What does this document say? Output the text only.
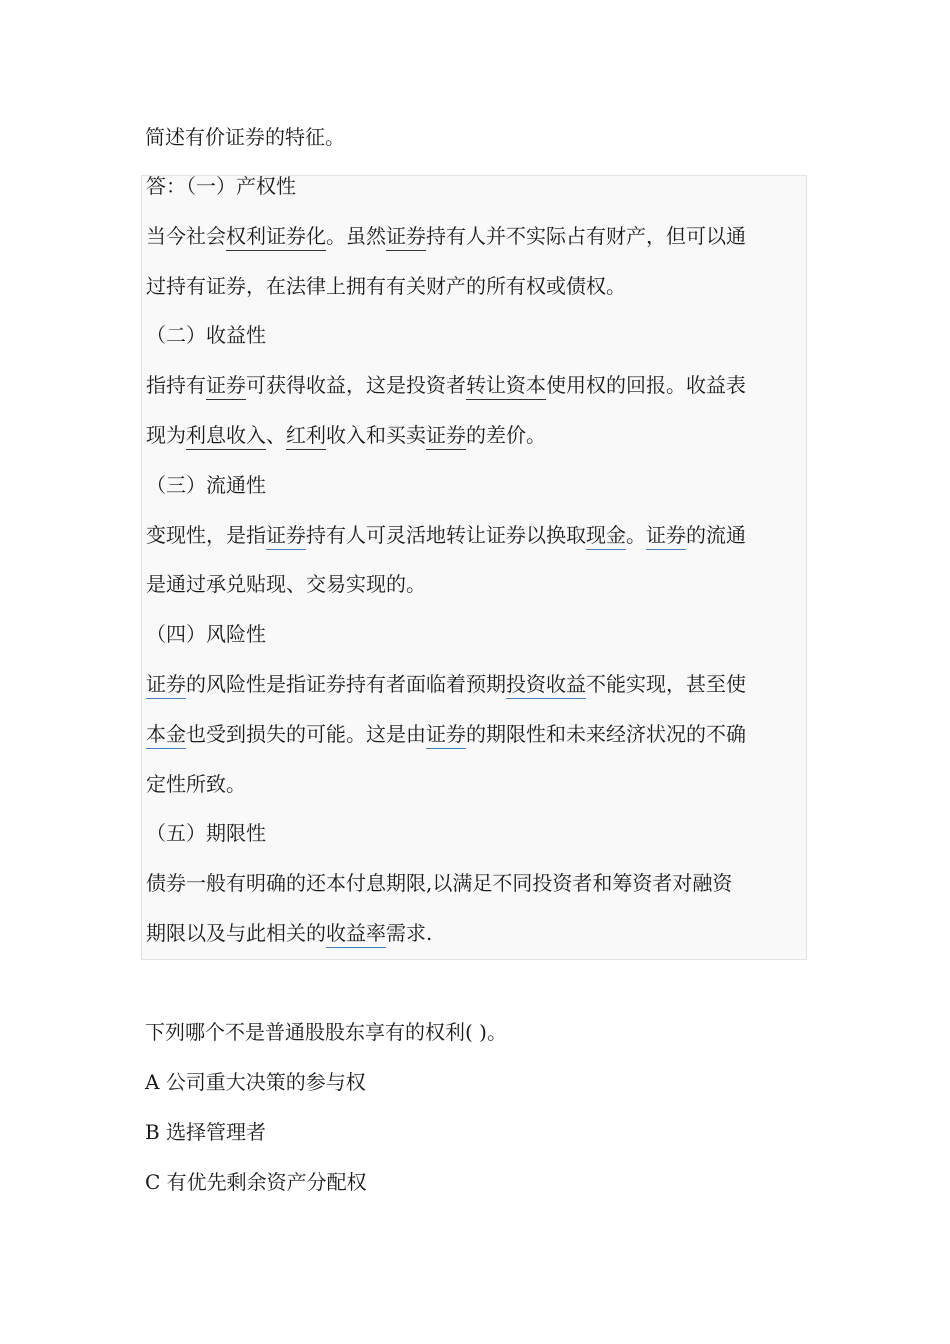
简述有价证券的特征。

答：（一）产权性
当今社会权利证券化。虽然证券持有人并不实际占有财产，但可以通
过持有证券，在法律上拥有有关财产的所有权或债权。
（二）收益性
指持有证券可获得收益，这是投资者转让资本使用权的回报。收益表
现为利息收入、红利收入和买卖证券的差价。
（三）流通性
变现性，是指证券持有人可灵活地转让证券以换取现金。证券的流通
是通过承兑贴现、交易实现的。
（四）风险性
证券的风险性是指证券持有者面临着预期投资收益不能实现，甚至使
本金也受到损失的可能。这是由证券的期限性和未来经济状况的不确
定性所致。
（五）期限性
债券一般有明确的还本付息期限,以满足不同投资者和筹资者对融资
期限以及与此相关的收益率需求.

下列哪个不是普通股股东享有的权利( )。

A 公司重大决策的参与权

B 选择管理者

C 有优先剩余资产分配权
